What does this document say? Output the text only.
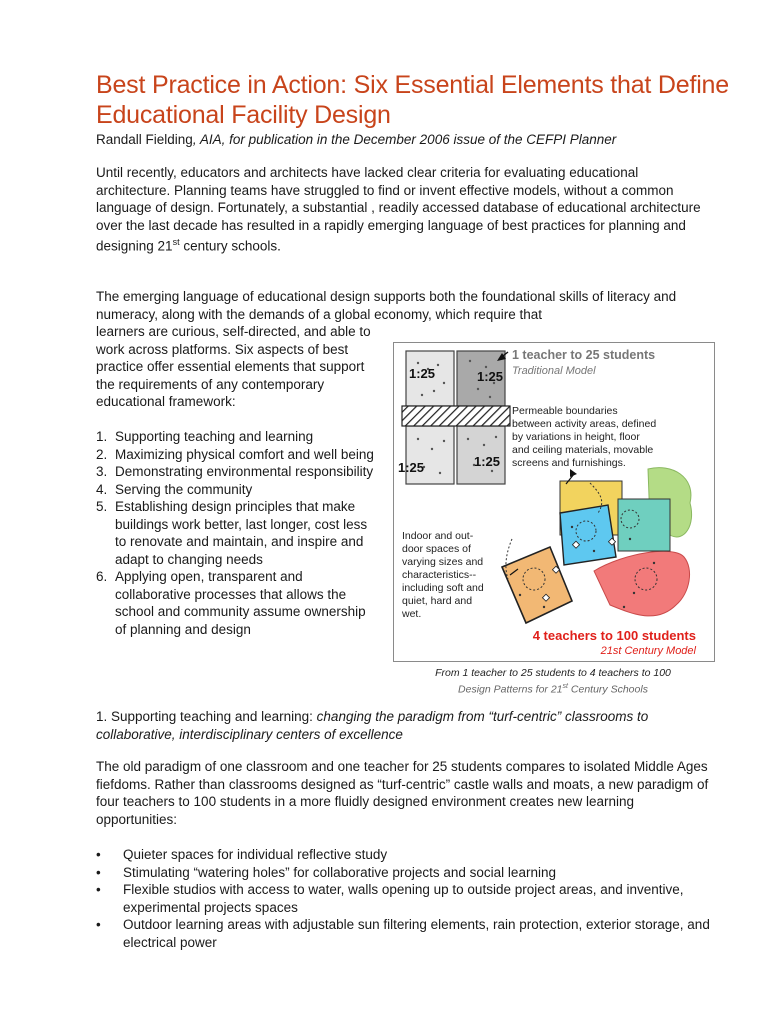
Best Practice in Action: Six Essential Elements that Define Educational Facility Design
Randall Fielding, AIA, for publication in the December 2006 issue of the CEFPI Planner

Until recently, educators and architects have lacked clear criteria for evaluating educational architecture. Planning teams have struggled to find or invent effective models, without a common language of design. Fortunately, a substantial , readily accessed database of educational architecture over the last decade has resulted in a rapidly emerging language of best practices for planning and designing 21st century schools.

The emerging language of educational design supports both the foundational skills of literacy and numeracy, along with the demands of a global economy, which require that

learners are curious, self-directed, and able to work across platforms. Six aspects of best practice offer essential elements that support the requirements of any contemporary educational framework:

1. Supporting teaching and learning
2. Maximizing physical comfort and well being
3. Demonstrating environmental responsibility
4. Serving the community
5. Establishing design principles that make buildings work better, last longer, cost less to renovate and maintain, and inspire and adapt to changing needs
6. Applying open, transparent and collaborative processes that allows the school and community assume ownership of planning and design
1:25	1:25
1:25	1:25
1 teacher to 25 students
Traditional Model
Permeable boundaries
between activity areas, defined
by variations in height, floor
and ceiling materials, movable
screens and furnishings.
Indoor and out-
door spaces of
varying sizes and
characteristics--
including soft and
quiet, hard and
wet.
4 teachers to 100 students
21st Century Model
From 1 teacher to 25 students to 4 teachers to 100
Design Patterns for 21st Century Schools
1. Supporting teaching and learning: changing the paradigm from “turf-centric” classrooms to collaborative, interdisciplinary centers of excellence

The old paradigm of one classroom and one teacher for 25 students compares to isolated Middle Ages fiefdoms. Rather than classrooms designed as “turf-centric” castle walls and moats, a new paradigm of four teachers to 100 students in a more fluidly designed environment creates new learning opportunities:

• Quieter spaces for individual reflective study
• Stimulating “watering holes” for collaborative projects and social learning
• Flexible studios with access to water, walls opening up to outside project areas, and inventive, experimental projects spaces
• Outdoor learning areas with adjustable sun filtering elements, rain protection, exterior storage, and electrical power
